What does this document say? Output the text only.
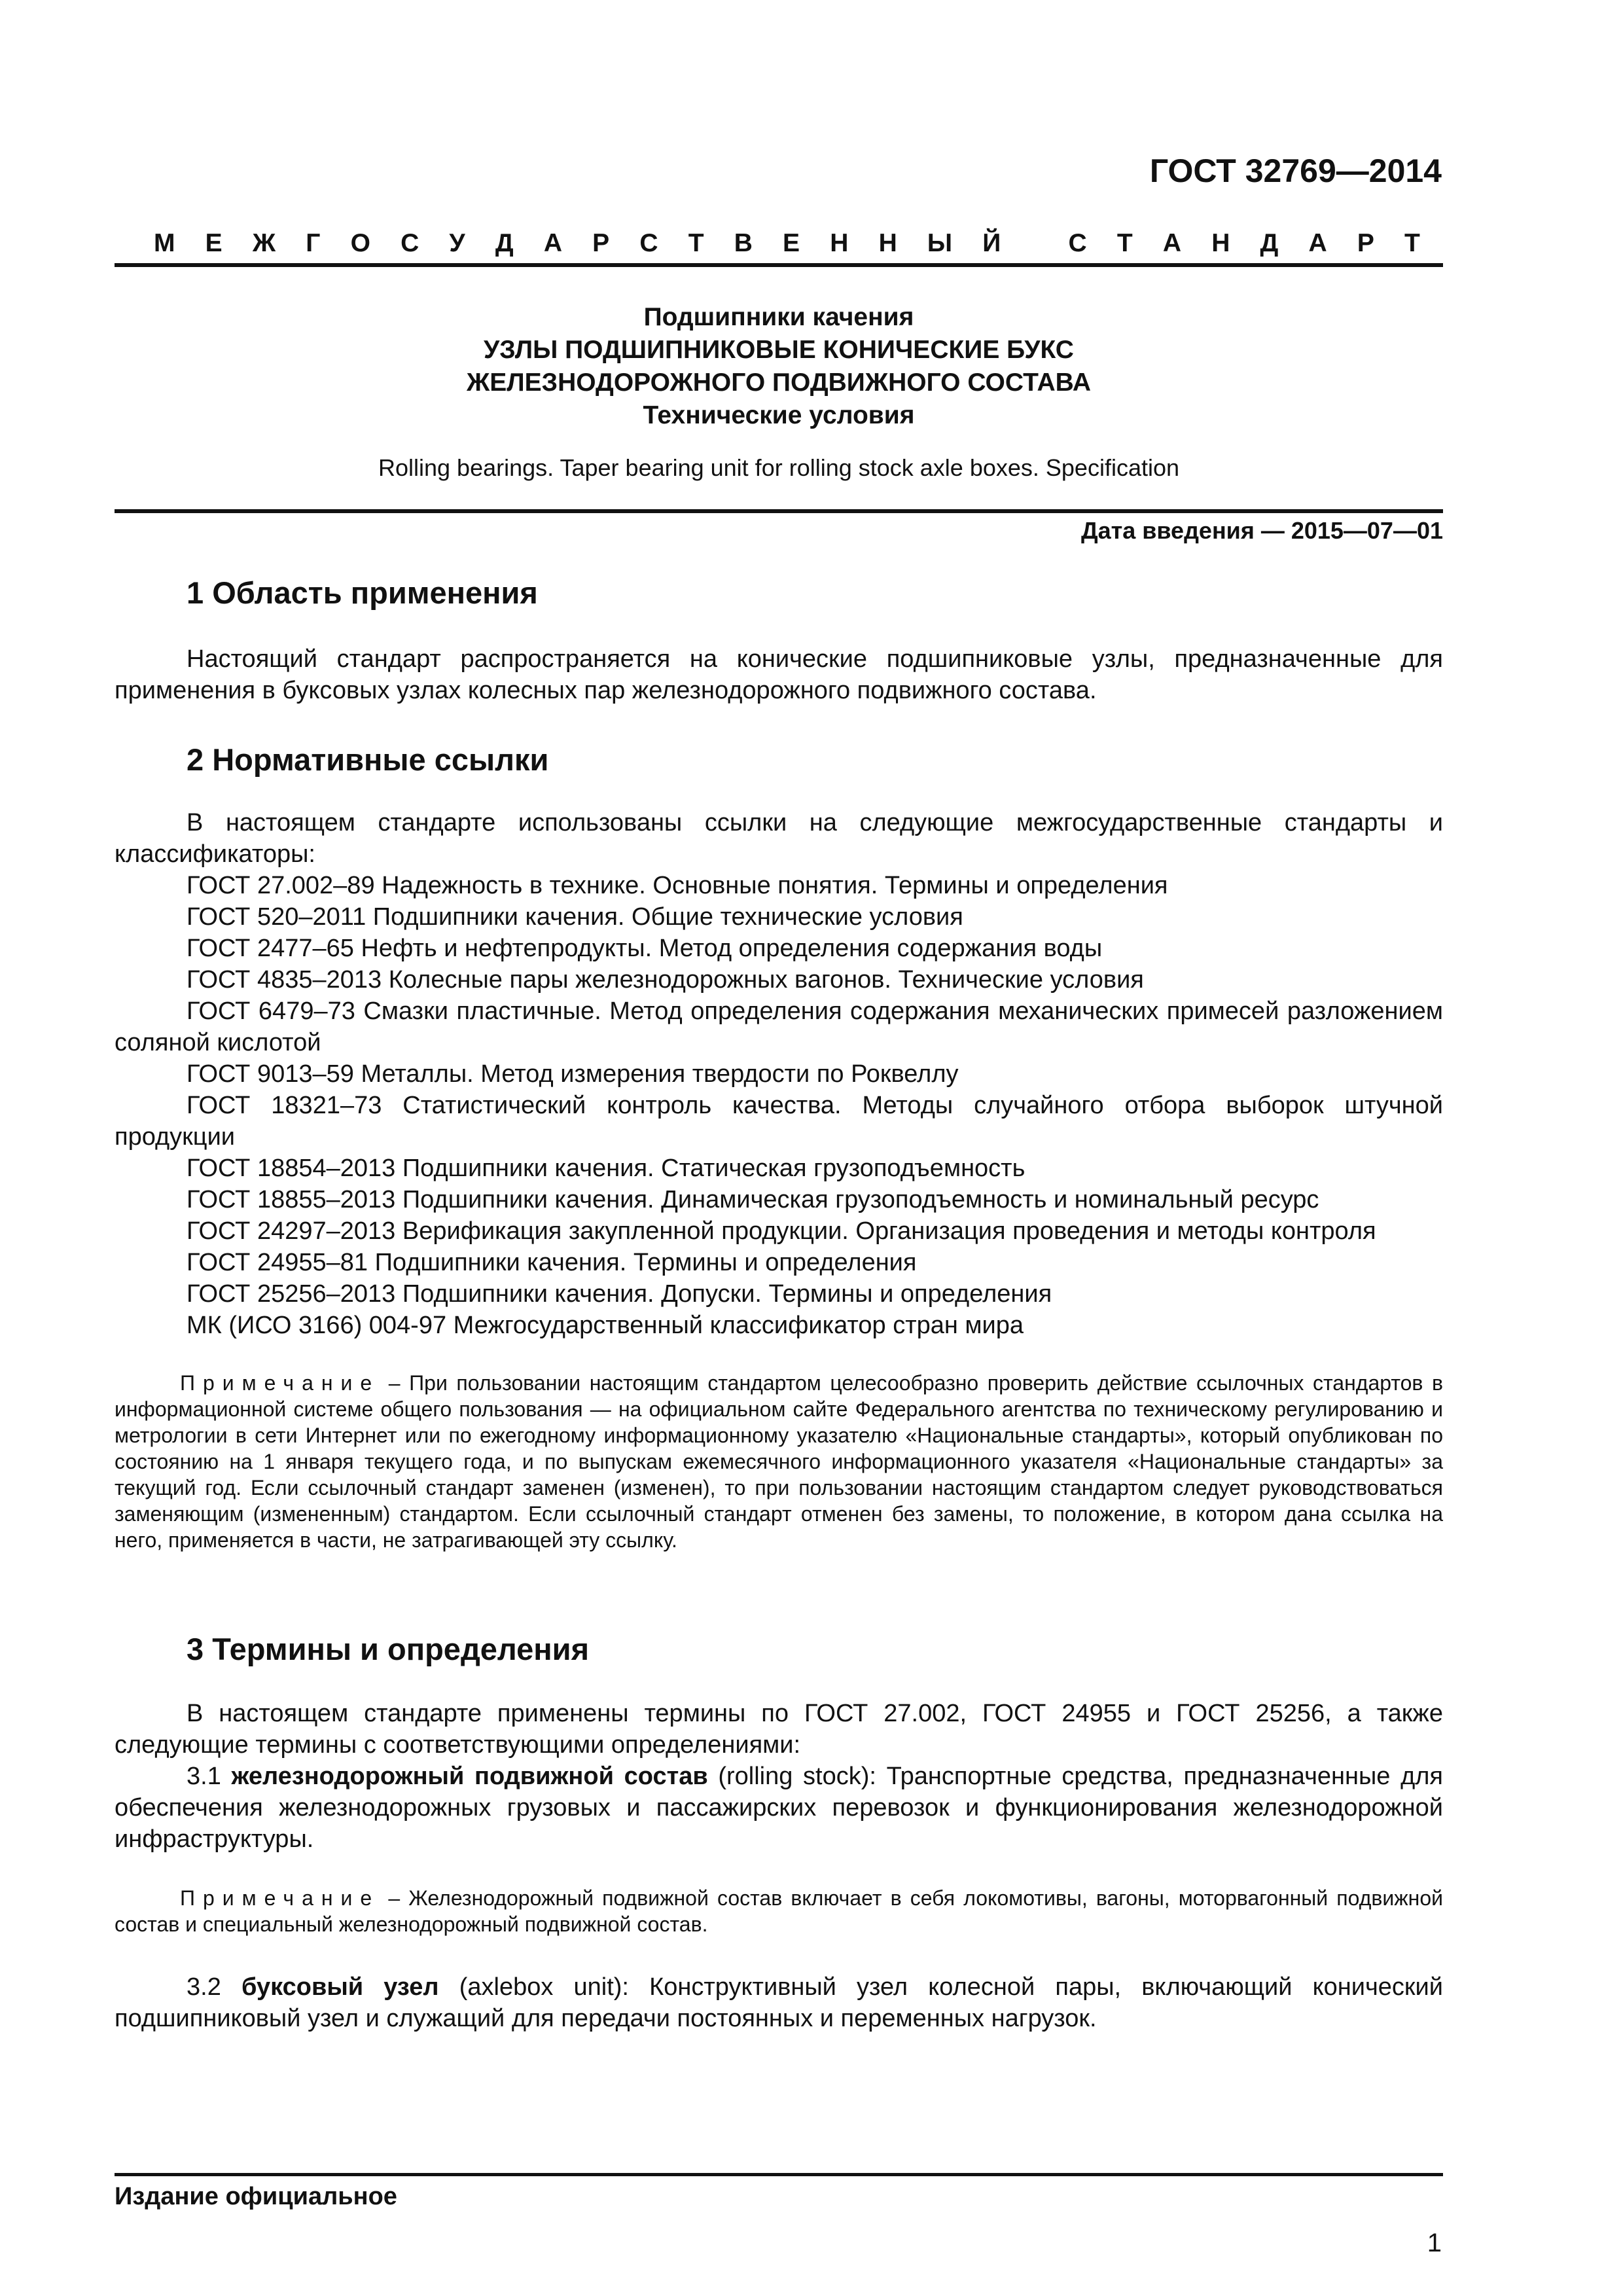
ГОСТ 32769—2014
М Е Ж Г О С У Д А Р С Т В Е Н Н Ы Й
	С Т А Н Д А Р Т
Подшипники качения
УЗЛЫ ПОДШИПНИКОВЫЕ КОНИЧЕСКИЕ БУКС
ЖЕЛЕЗНОДОРОЖНОГО ПОДВИЖНОГО СОСТАВА
Технические условия
Rolling bearings. Taper bearing unit for rolling stock axle boxes. Specification
Дата введения — 2015—07—01
1 Область применения

Настоящий стандарт распространяется на конические подшипниковые узлы, предназначенные для применения в буксовых узлах колесных пар железнодорожного подвижного состава.

2 Нормативные ссылки

В настоящем стандарте использованы ссылки на следующие межгосударственные стандарты и классификаторы:

ГОСТ 27.002–89 Надежность в технике. Основные понятия. Термины и определения
ГОСТ 520–2011 Подшипники качения. Общие технические условия
ГОСТ 2477–65 Нефть и нефтепродукты. Метод определения содержания воды
ГОСТ 4835–2013 Колесные пары железнодорожных вагонов. Технические условия
ГОСТ 6479–73 Смазки пластичные. Метод определения содержания механических примесей разложением соляной кислотой
ГОСТ 9013–59 Металлы. Метод измерения твердости по Роквеллу
ГОСТ 18321–73 Статистический контроль качества. Методы случайного отбора выборок штучной продукции
ГОСТ 18854–2013 Подшипники качения. Статическая грузоподъемность
ГОСТ 18855–2013 Подшипники качения. Динамическая грузоподъемность и номинальный ресурс
ГОСТ 24297–2013 Верификация закупленной продукции. Организация проведения и методы контроля
ГОСТ 24955–81 Подшипники качения. Термины и определения
ГОСТ 25256–2013 Подшипники качения. Допуски. Термины и определения
МК (ИСО 3166) 004-97 Межгосударственный классификатор стран мира

Примечание – При пользовании настоящим стандартом целесообразно проверить действие ссылочных стандартов в информационной системе общего пользования — на официальном сайте Федерального агентства по техническому регулированию и метрологии в сети Интернет или по ежегодному информационному указателю «Национальные стандарты», который опубликован по состоянию на 1 января текущего года, и по выпускам ежемесячного информационного указателя «Национальные стандарты» за текущий год. Если ссылочный стандарт заменен (изменен), то при пользовании настоящим стандартом следует руководствоваться заменяющим (измененным) стандартом. Если ссылочный стандарт отменен без замены, то положение, в котором дана ссылка на него, применяется в части, не затрагивающей эту ссылку.

3 Термины и определения

В настоящем стандарте применены термины по ГОСТ 27.002, ГОСТ 24955 и ГОСТ 25256, а также следующие термины с соответствующими определениями:

3.1 железнодорожный подвижной состав (rolling stock): Транспортные средства, предназначенные для обеспечения железнодорожных грузовых и пассажирских перевозок и функционирования железнодорожной инфраструктуры.

Примечание – Железнодорожный подвижной состав включает в себя локомотивы, вагоны, моторвагонный подвижной состав и специальный железнодорожный подвижной состав.

3.2 буксовый узел (axlebox unit): Конструктивный узел колесной пары, включающий конический подшипниковый узел и служащий для передачи постоянных и переменных нагрузок.

Издание официальное
1
